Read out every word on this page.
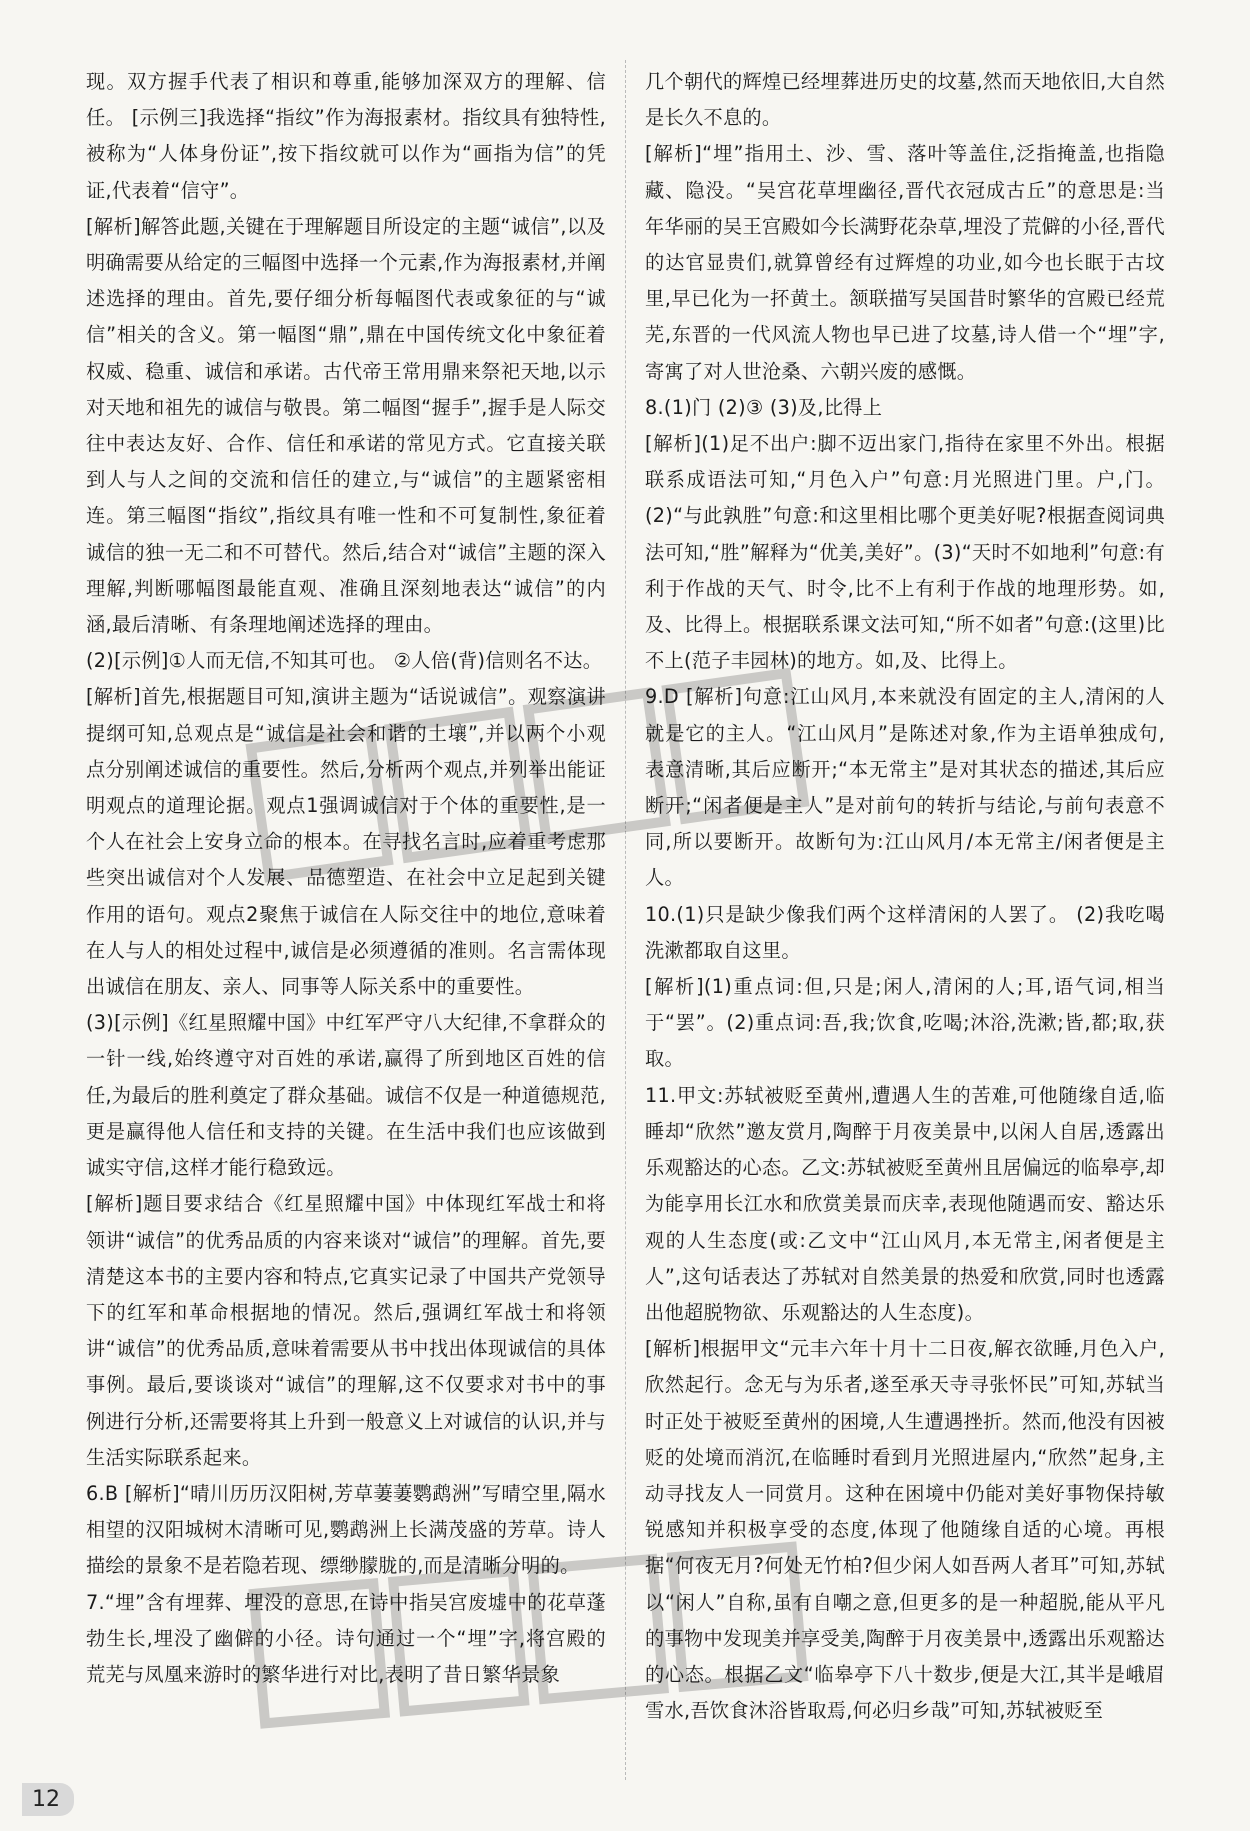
现。双方握手代表了相识和尊重,能够加深双方的理解、信任。 [示例三]我选择“指纹”作为海报素材。指纹具有独特性,被称为“人体身份证”,按下指纹就可以作为“画指为信”的凭证,代表着“信守”。

[解析]解答此题,关键在于理解题目所设定的主题“诚信”,以及明确需要从给定的三幅图中选择一个元素,作为海报素材,并阐述选择的理由。首先,要仔细分析每幅图代表或象征的与“诚信”相关的含义。第一幅图“鼎”,鼎在中国传统文化中象征着权威、稳重、诚信和承诺。古代帝王常用鼎来祭祀天地,以示对天地和祖先的诚信与敬畏。第二幅图“握手”,握手是人际交往中表达友好、合作、信任和承诺的常见方式。它直接关联到人与人之间的交流和信任的建立,与“诚信”的主题紧密相连。第三幅图“指纹”,指纹具有唯一性和不可复制性,象征着诚信的独一无二和不可替代。然后,结合对“诚信”主题的深入理解,判断哪幅图最能直观、准确且深刻地表达“诚信”的内涵,最后清晰、有条理地阐述选择的理由。

(2)[示例]①人而无信,不知其可也。 ②人倍(背)信则名不达。

[解析]首先,根据题目可知,演讲主题为“话说诚信”。观察演讲提纲可知,总观点是“诚信是社会和谐的土壤”,并以两个小观点分别阐述诚信的重要性。然后,分析两个观点,并列举出能证明观点的道理论据。观点1强调诚信对于个体的重要性,是一个人在社会上安身立命的根本。在寻找名言时,应着重考虑那些突出诚信对个人发展、品德塑造、在社会中立足起到关键作用的语句。观点2聚焦于诚信在人际交往中的地位,意味着在人与人的相处过程中,诚信是必须遵循的准则。名言需体现出诚信在朋友、亲人、同事等人际关系中的重要性。

(3)[示例]《红星照耀中国》中红军严守八大纪律,不拿群众的一针一线,始终遵守对百姓的承诺,赢得了所到地区百姓的信任,为最后的胜利奠定了群众基础。诚信不仅是一种道德规范,更是赢得他人信任和支持的关键。在生活中我们也应该做到诚实守信,这样才能行稳致远。

[解析]题目要求结合《红星照耀中国》中体现红军战士和将领讲“诚信”的优秀品质的内容来谈对“诚信”的理解。首先,要清楚这本书的主要内容和特点,它真实记录了中国共产党领导下的红军和革命根据地的情况。然后,强调红军战士和将领讲“诚信”的优秀品质,意味着需要从书中找出体现诚信的具体事例。最后,要谈谈对“诚信”的理解,这不仅要求对书中的事例进行分析,还需要将其上升到一般意义上对诚信的认识,并与生活实际联系起来。

6.B [解析]“晴川历历汉阳树,芳草萋萋鹦鹉洲”写晴空里,隔水相望的汉阳城树木清晰可见,鹦鹉洲上长满茂盛的芳草。诗人描绘的景象不是若隐若现、缥缈朦胧的,而是清晰分明的。

7.“埋”含有埋葬、埋没的意思,在诗中指吴宫废墟中的花草蓬勃生长,埋没了幽僻的小径。诗句通过一个“埋”字,将宫殿的荒芜与凤凰来游时的繁华进行对比,表明了昔日繁华景象

几个朝代的辉煌已经埋葬进历史的坟墓,然而天地依旧,大自然是长久不息的。

[解析]“埋”指用土、沙、雪、落叶等盖住,泛指掩盖,也指隐藏、隐没。“吴宫花草埋幽径,晋代衣冠成古丘”的意思是:当年华丽的吴王宫殿如今长满野花杂草,埋没了荒僻的小径,晋代的达官显贵们,就算曾经有过辉煌的功业,如今也长眠于古坟里,早已化为一抔黄土。颔联描写吴国昔时繁华的宫殿已经荒芜,东晋的一代风流人物也早已进了坟墓,诗人借一个“埋”字,寄寓了对人世沧桑、六朝兴废的感慨。

8.(1)门 (2)③ (3)及,比得上

[解析](1)足不出户:脚不迈出家门,指待在家里不外出。根据联系成语法可知,“月色入户”句意:月光照进门里。户,门。(2)“与此孰胜”句意:和这里相比哪个更美好呢?根据查阅词典法可知,“胜”解释为“优美,美好”。(3)“天时不如地利”句意:有利于作战的天气、时令,比不上有利于作战的地理形势。如,及、比得上。根据联系课文法可知,“所不如者”句意:(这里)比不上(范子丰园林)的地方。如,及、比得上。

9.D [解析]句意:江山风月,本来就没有固定的主人,清闲的人就是它的主人。“江山风月”是陈述对象,作为主语单独成句,表意清晰,其后应断开;“本无常主”是对其状态的描述,其后应断开;“闲者便是主人”是对前句的转折与结论,与前句表意不同,所以要断开。故断句为:江山风月/本无常主/闲者便是主人。

10.(1)只是缺少像我们两个这样清闲的人罢了。 (2)我吃喝洗漱都取自这里。

[解析](1)重点词:但,只是;闲人,清闲的人;耳,语气词,相当于“罢”。(2)重点词:吾,我;饮食,吃喝;沐浴,洗漱;皆,都;取,获取。

11.甲文:苏轼被贬至黄州,遭遇人生的苦难,可他随缘自适,临睡却“欣然”邀友赏月,陶醉于月夜美景中,以闲人自居,透露出乐观豁达的心态。乙文:苏轼被贬至黄州且居偏远的临皋亭,却为能享用长江水和欣赏美景而庆幸,表现他随遇而安、豁达乐观的人生态度(或:乙文中“江山风月,本无常主,闲者便是主人”,这句话表达了苏轼对自然美景的热爱和欣赏,同时也透露出他超脱物欲、乐观豁达的人生态度)。

[解析]根据甲文“元丰六年十月十二日夜,解衣欲睡,月色入户,欣然起行。念无与为乐者,遂至承天寺寻张怀民”可知,苏轼当时正处于被贬至黄州的困境,人生遭遇挫折。然而,他没有因被贬的处境而消沉,在临睡时看到月光照进屋内,“欣然”起身,主动寻找友人一同赏月。这种在困境中仍能对美好事物保持敏锐感知并积极享受的态度,体现了他随缘自适的心境。再根据“何夜无月?何处无竹柏?但少闲人如吾两人者耳”可知,苏轼以“闲人”自称,虽有自嘲之意,但更多的是一种超脱,能从平凡的事物中发现美并享受美,陶醉于月夜美景中,透露出乐观豁达的心态。根据乙文“临皋亭下八十数步,便是大江,其半是峨眉雪水,吾饮食沐浴皆取焉,何必归乡哉”可知,苏轼被贬至

12
